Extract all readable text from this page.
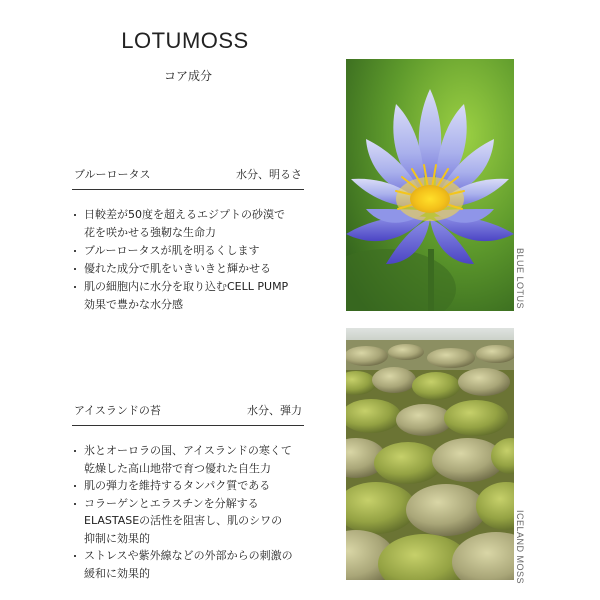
LOTUMOSS
コア成分
ブルーロータス	水分、明るさ
日較差が50度を超えるエジプトの砂漠で
花を咲かせる強靭な生命力
ブルーロータスが肌を明るくします
優れた成分で肌をいきいきと輝かせる
肌の細胞内に水分を取り込むCELL PUMP
効果で豊かな水分感
アイスランドの苔	水分、弾力
氷とオーロラの国、アイスランドの寒くて
乾燥した高山地帯で育つ優れた自生力
肌の弾力を維持するタンパク質である
コラーゲンとエラスチンを分解する
ELASTASEの活性を阻害し、肌のシワの
抑制に効果的
ストレスや紫外線などの外部からの刺激の
緩和に効果的
BLUE LOTUS
ICELAND MOSS
